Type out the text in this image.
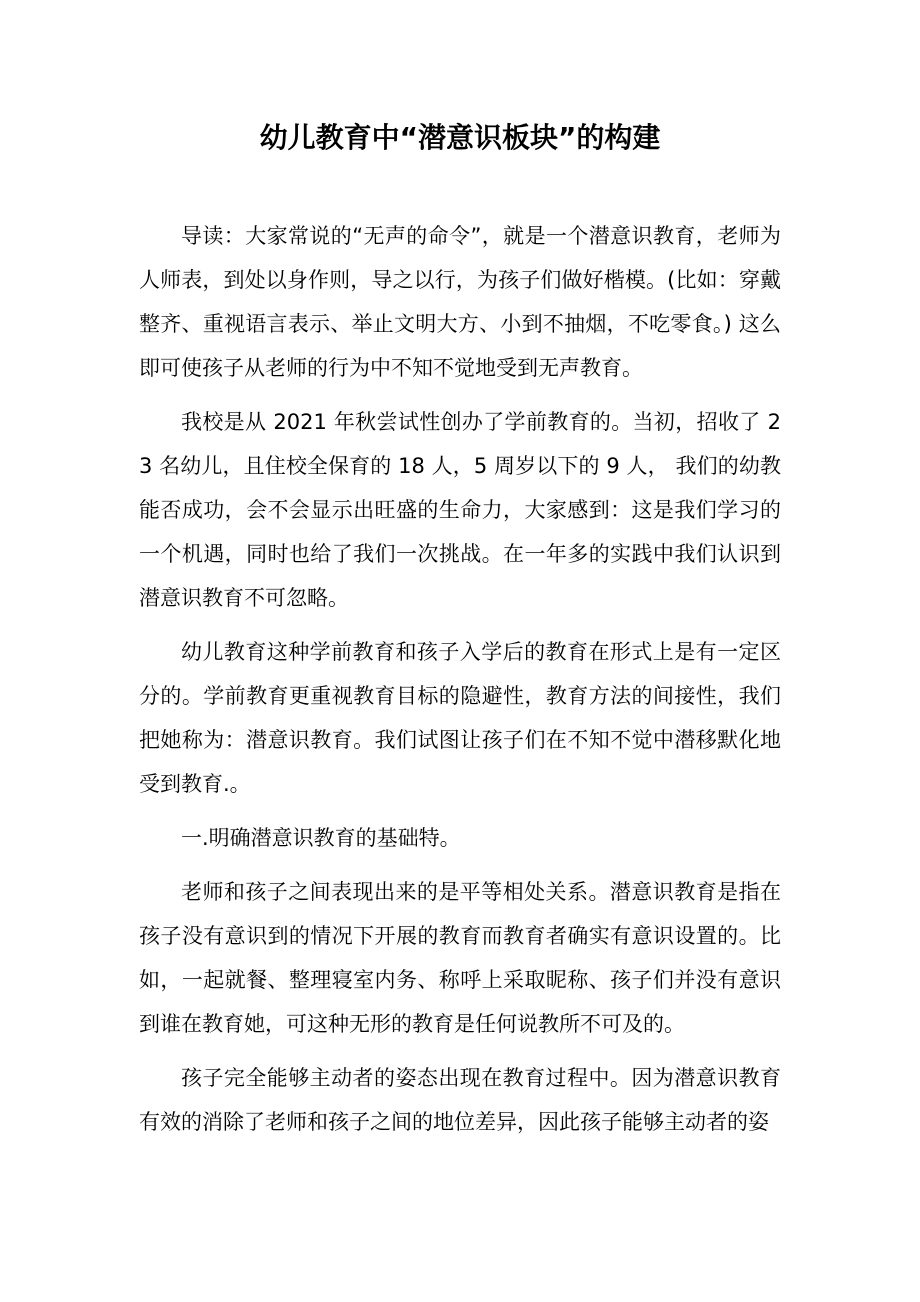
幼儿教育中“潜意识板块”的构建

导读：大家常说的“无声的命令”，就是一个潜意识教育，老师为人师表，到处以身作则，导之以行，为孩子们做好楷模。(比如：穿戴整齐、重视语言表示、举止文明大方、小到不抽烟，不吃零食。) 这么即可使孩子从老师的行为中不知不觉地受到无声教育。

我校是从 2021 年秋尝试性创办了学前教育的。当初，招收了 23 名幼儿，且住校全保育的 18 人，5 周岁以下的 9 人， 我们的幼教能否成功，会不会显示出旺盛的生命力，大家感到：这是我们学习的一个机遇，同时也给了我们一次挑战。在一年多的实践中我们认识到潜意识教育不可忽略。

幼儿教育这种学前教育和孩子入学后的教育在形式上是有一定区分的。学前教育更重视教育目标的隐避性，教育方法的间接性，我们把她称为：潜意识教育。我们试图让孩子们在不知不觉中潜移默化地受到教育.。

一.明确潜意识教育的基础特。

老师和孩子之间表现出来的是平等相处关系。潜意识教育是指在孩子没有意识到的情况下开展的教育而教育者确实有意识设置的。比如，一起就餐、整理寝室内务、称呼上采取昵称、孩子们并没有意识到谁在教育她，可这种无形的教育是任何说教所不可及的。

孩子完全能够主动者的姿态出现在教育过程中。因为潜意识教育有效的消除了老师和孩子之间的地位差异，因此孩子能够主动者的姿
